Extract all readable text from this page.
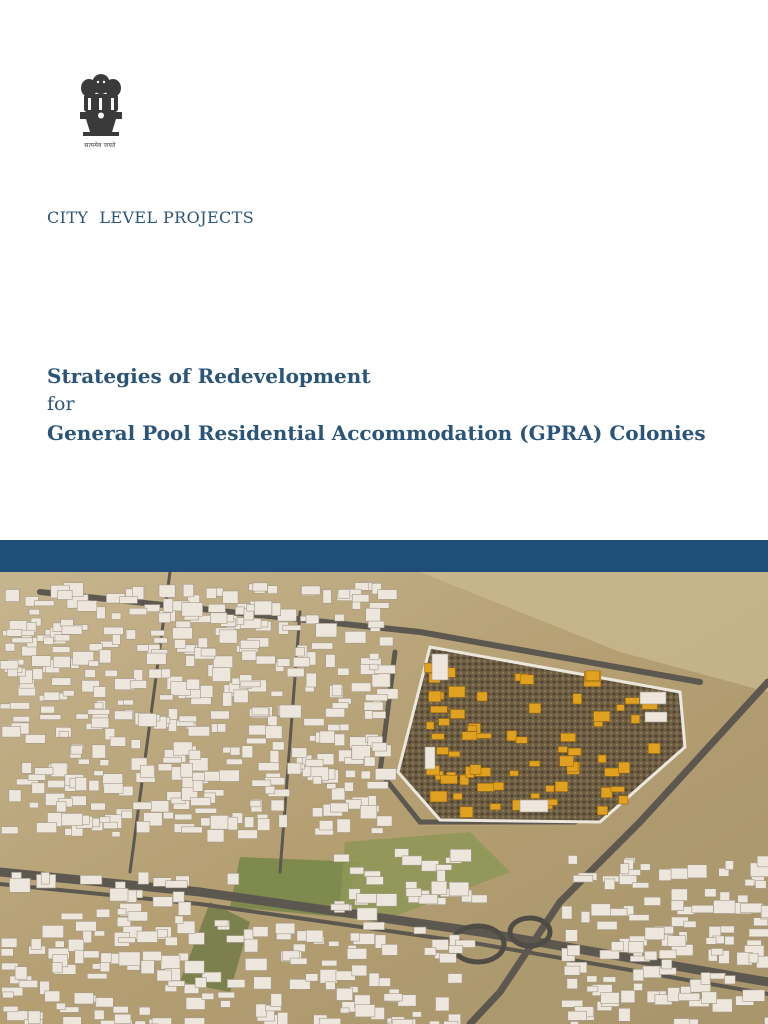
सत्यमेव जयते
CITY  LEVEL PROJECTS
Strategies of Redevelopment
for
General Pool Residential Accommodation (GPRA) Colonies
